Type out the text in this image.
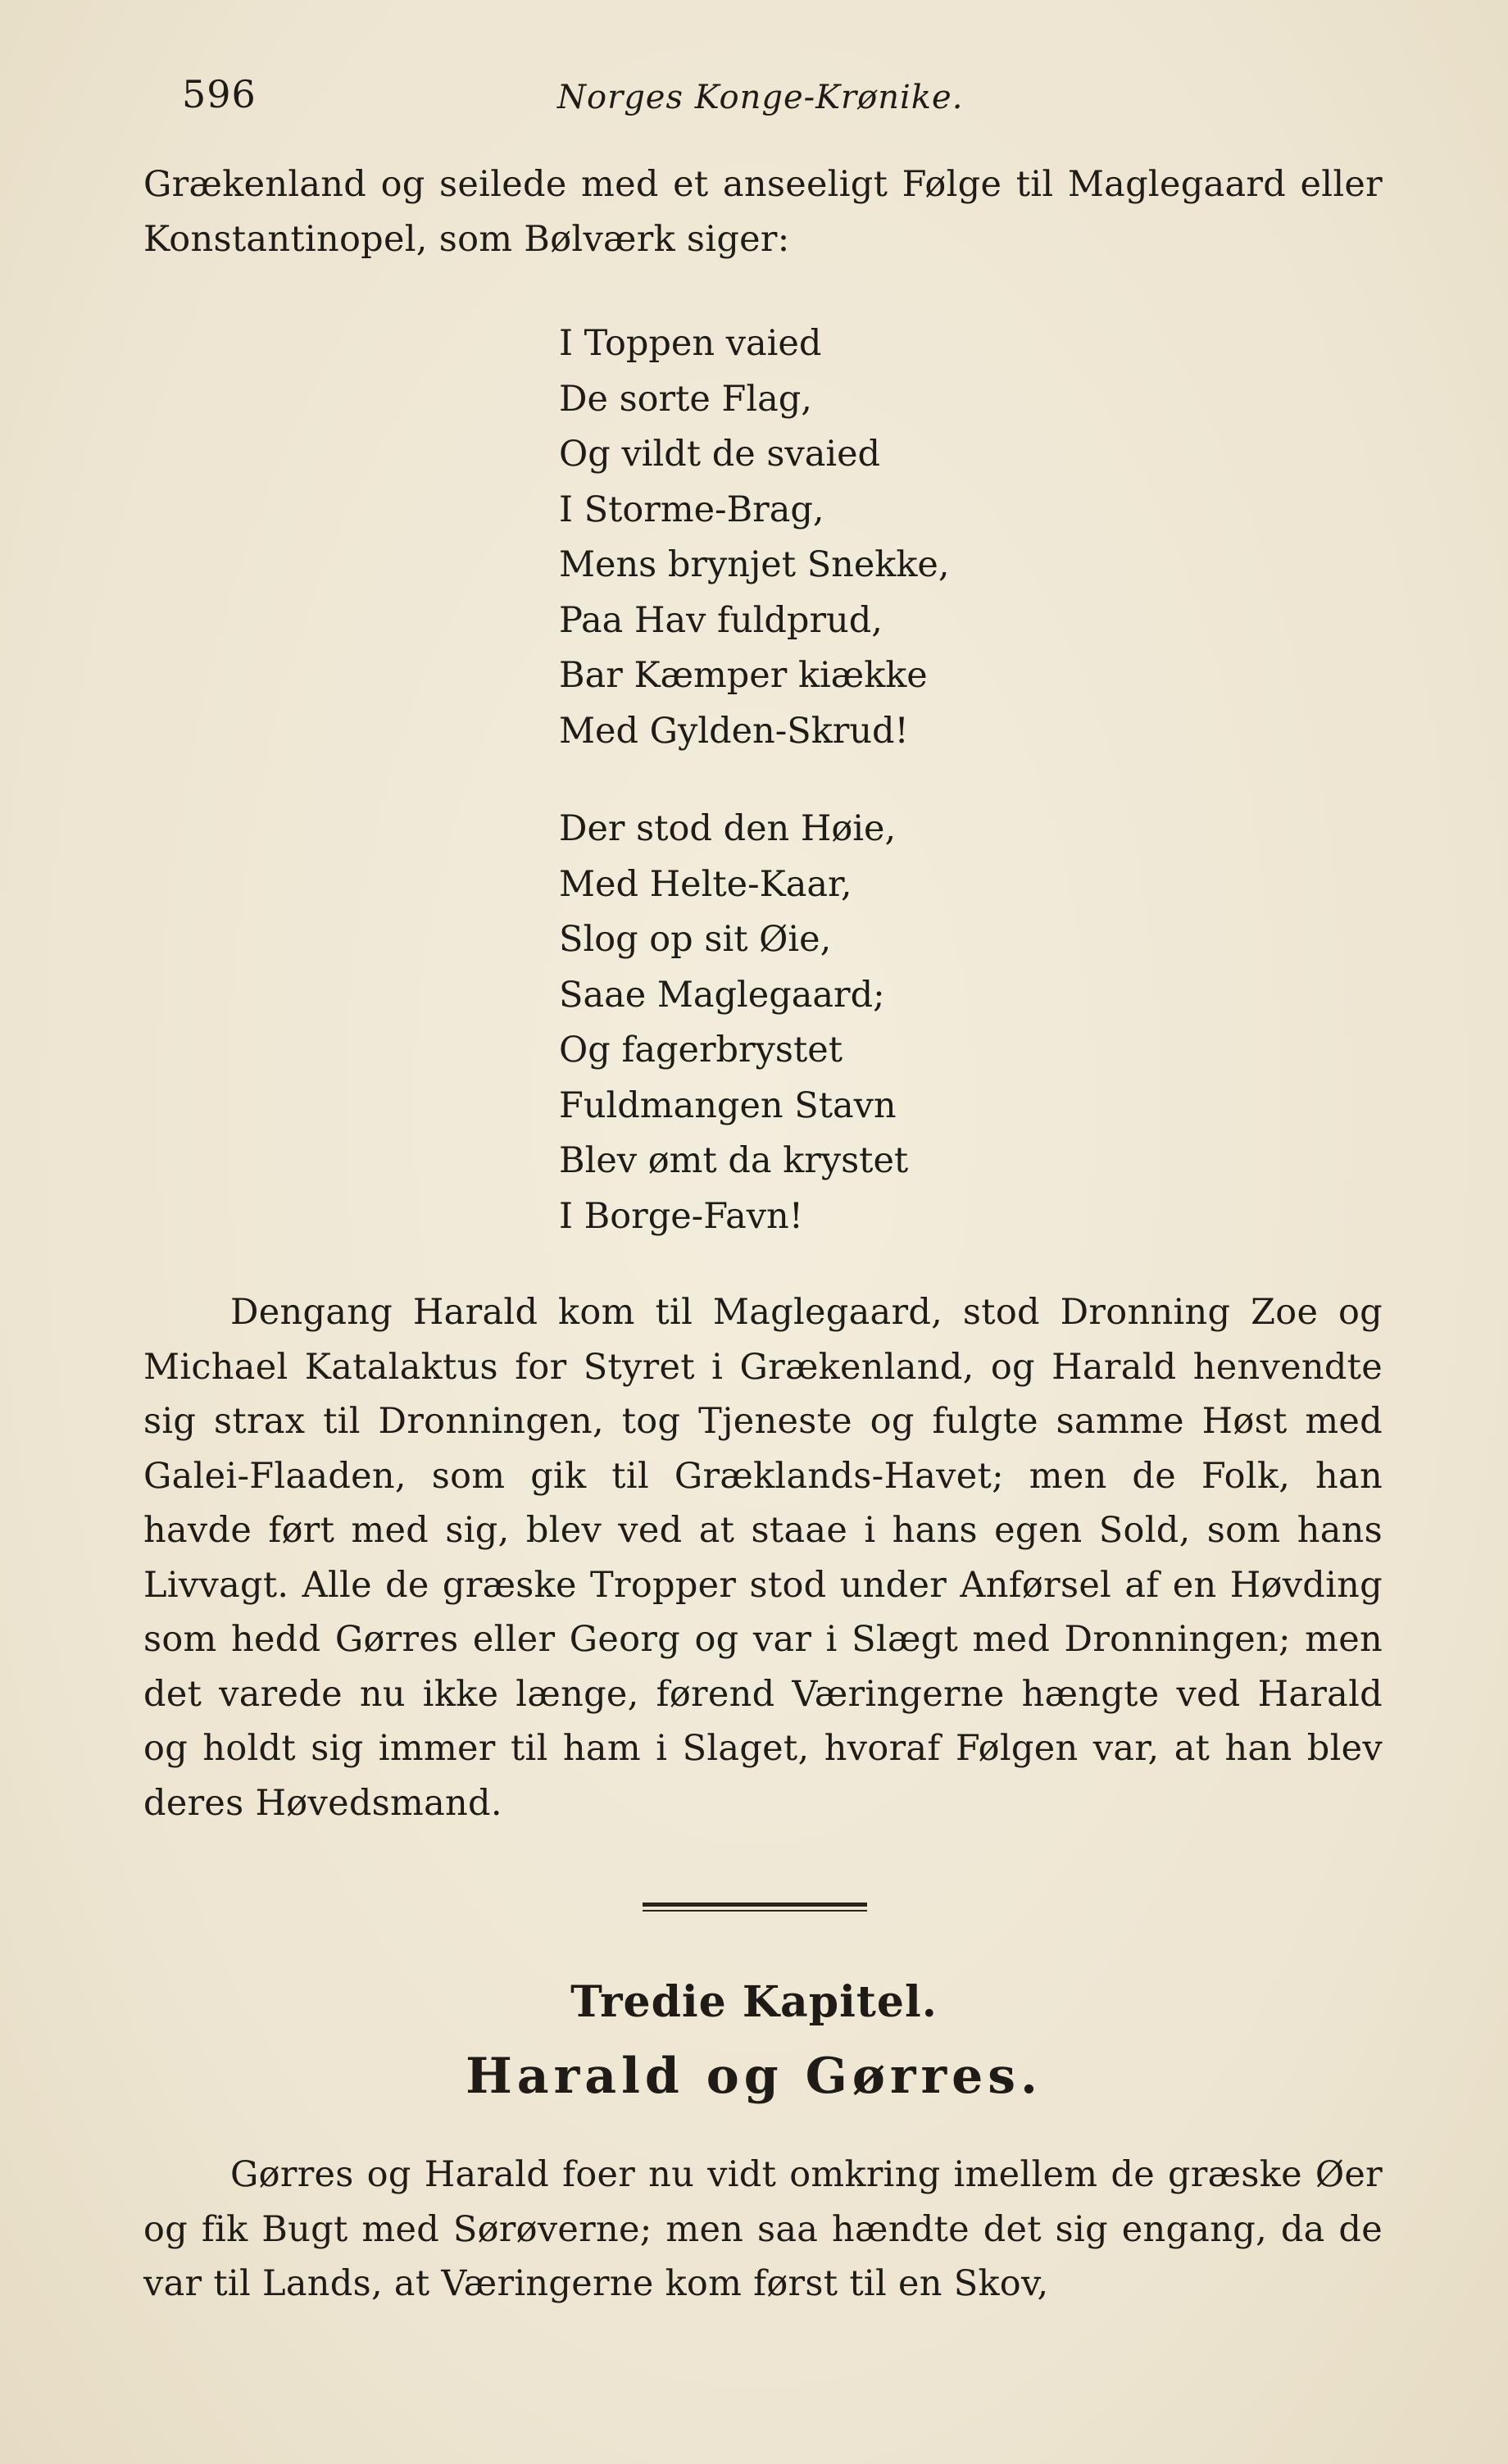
596	Norges Konge-Krønike.

Grækenland og seilede med et anseeligt Følge til Maglegaard eller Konstantinopel, som Bølværk siger:

I Toppen vaied
De sorte Flag,
Og vildt de svaied
I Storme-Brag,
Mens brynjet Snekke,
Paa Hav fuldprud,
Bar Kæmper kiække
Med Gylden-Skrud!
Der stod den Høie,
Med Helte-Kaar,
Slog op sit Øie,
Saae Maglegaard;
Og fagerbrystet
Fuldmangen Stavn
Blev ømt da krystet
I Borge-Favn!

Dengang Harald kom til Maglegaard, stod Dronning Zoe og Michael Katalaktus for Styret i Grækenland, og Harald henvendte sig strax til Dronningen, tog Tjeneste og fulgte samme Høst med Galei-Flaaden, som gik til Græklands-Havet; men de Folk, han havde ført med sig, blev ved at staae i hans egen Sold, som hans Livvagt. Alle de græske Tropper stod under Anførsel af en Høvding som hedd Gørres eller Georg og var i Slægt med Dronningen; men det varede nu ikke længe, førend Væringerne hængte ved Harald og holdt sig immer til ham i Slaget, hvoraf Følgen var, at han blev deres Høvedsmand.

Tredie Kapitel.
Harald og Gørres.

Gørres og Harald foer nu vidt omkring imellem de græske Øer og fik Bugt med Sørøverne; men saa hændte det sig engang, da de var til Lands, at Væringerne kom først til en Skov,
